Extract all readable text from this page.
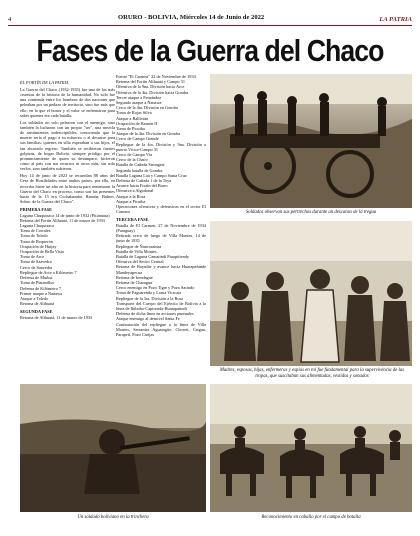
4	ORURO - BOLIVIA, Miércoles 14 de Junio de 2022	LA PATRIA
Fases de la Guerra del Chaco

EL FORTÍN DE LA PATRIA

La Guerra del Chaco (1932-1935) fue una de las más cruentas de la historia de la humanidad. No solo fue una contienda entre los hombres de dos naciones que peleaban por un pedazo de territorio, sino fue más que ello; en la que el honor y el valor se enfrentaron para saber quienes era cada batalla.

Los soldados no solo pelearon con el enemigo, sino también la lucharon con un propio "ser", una mezcla de sentimientos indescriptibles, conociendo que la muerte sería el pago a su esfuerzo o al desastre para sus familias; quienes en silla esperaban a sus hijos, el tan ahorrado regreso. También se recibieron fuertes golpizas, de hogar Bolivia, siempre pródigo por el pronunciamiento de quien su desamparo, hicieron como al país con sus recursos ni otros más, sin solo verlos, sino también sufrieron.

Hoy 14 de junio de 2023 se recuerdan 88 años del Cese de Hostilidades entre ambos países, por ello, en recordar hacer un alto en la historia para rememorar la Guerra del Chaco en proceso, como son las presentes hasta de la 13 era Cochabamba. Ramón, Bulnes. Sobre, de la Guerra del Chaco".

PRIMERA FASE
Laguna Chuquisaca 14 de junio de 1932 (Pitiantuta)
Retoma del Fortín Alihuatá, 11 de marzo de 1933
Laguna Chuquisaca
Toma de Corrales
Toma de Toledo
Toma de Boquerón
Ocupación de Huijay
Ocupación de Bella Vista
Toma de Arce
Toma de Saavedra
Cerco de Saavedra
Repliegue de Arce a Kilómetro 7
Defensa de Muñoz
Toma de Platanillos
Defensa de Kilómetro 7
Primer ataque a Nanawa
Ataque a Toledo
Retoma de Alihuatá
SEGUNDA FASE
Retoma de Alihuatá, 11 de marzo de 1933
Fuerte "El Carmen" 22 de Noviembre de 1934
Retoma del Fortín Alihuatá y Campo 31
Ofensiva de la 9na. División hacia Arce
Ofensiva de la 4ta. División hacia Gondra
Tercer ataque a Fernández
Segundo ataque a Nanawa
Cerco de la 4ta. División en Gondra
Toma de Rojas Silva
Ataque a Ballivián
Ocupación de Ramón II
Toma de Picuiba
Ataque de la 4ta. División en Gondra
Cerco de Campo Grande
Repliegue de la 4ta. División y 9na. División a puerto Víctor-Campo 31
Cerco de Campo Vía
Cerco de la Chaco
Batalla de Cañada Strongest
Segunda batalla de Gondra
Batalla Laguna Loa y Campo Santa Cruz
Defensa de Cañada 1 de la Toya
Avance hacia Fortín del Barro
Ofensiva a Algodonal
Ataque a la Rosa
Ataque a Picuiba
Operaciones ofensivas y defensivas en el sector El Carmen
TERCERA FASE
Batalla de El Carmen, 27 de Noviembre de 1934 (Paraguay)
Retirada cerco de fuego de Villa Montes, 14 de junio de 1935
Repliegue de Ñancorainza
Batalla de Villa Montes
Batalla de Laguna Camatindi Parapitiendy
Ofensiva del Sector Central
Retoma de Boyuibe y avance hacia Huarapañinde Mandeyapecua
Retoma de Irendague
Retoma de Charagua
Cerco enemigo en Pozo Tigre y Pozo Sarindo
Toma de Paguarenda y Loma Victoria
Repliegue de la 3ra. División a la Rosa
Transporte del Cuerpo del Ejército de Bolivia a la línea de Ibibobo-Capirenda-Huarapatindi
Defensa de dicha línea en acciones puntuales
Ataque enemigo al desnivel Santa Fe
Continuación del repliegue a la línea de Villa Montes, Serranías Aguaragüe, Choreti, Caigua, Parapetí, Pozo Carijas
Soldados observan sus pertrechos durante un descanso de la tregua
Madres, esposas, hijas, enfermeras y espías en rol fue fundamental para la supervivencia de las tropas, que suscitaban sus alimentadas, vestidos y sonados
Un soldado boliviano en la trinchera	Reconocimiento en caballo por el campo de batalla
